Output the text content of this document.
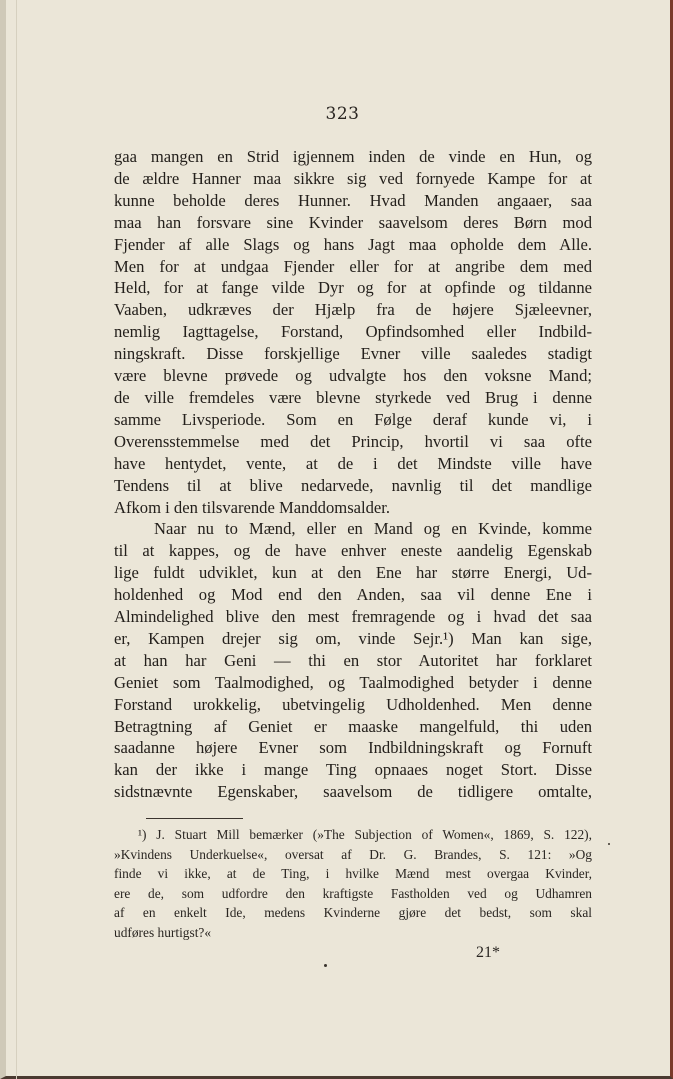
323
gaa mangen en Strid igjennem inden de vinde en Hun, og
de ældre Hanner maa sikkre sig ved fornyede Kampe for at
kunne beholde deres Hunner. Hvad Manden angaaer, saa
maa han forsvare sine Kvinder saavelsom deres Børn mod
Fjender af alle Slags og hans Jagt maa opholde dem Alle.
Men for at undgaa Fjender eller for at angribe dem med
Held, for at fange vilde Dyr og for at opfinde og tildanne
Vaaben, udkræves der Hjælp fra de højere Sjæleevner,
nemlig Iagttagelse, Forstand, Opfindsomhed eller Indbild-
ningskraft. Disse forskjellige Evner ville saaledes stadigt
være blevne prøvede og udvalgte hos den voksne Mand;
de ville fremdeles være blevne styrkede ved Brug i denne
samme Livsperiode. Som en Følge deraf kunde vi, i
Overensstemmelse med det Princip, hvortil vi saa ofte
have hentydet, vente, at de i det Mindste ville have
Tendens til at blive nedarvede, navnlig til det mandlige
Afkom i den tilsvarende Manddomsalder.
Naar nu to Mænd, eller en Mand og en Kvinde, komme
til at kappes, og de have enhver eneste aandelig Egenskab
lige fuldt udviklet, kun at den Ene har større Energi, Ud-
holdenhed og Mod end den Anden, saa vil denne Ene i
Almindelighed blive den mest fremragende og i hvad det saa
er, Kampen drejer sig om, vinde Sejr.¹) Man kan sige,
at han har Geni — thi en stor Autoritet har forklaret
Geniet som Taalmodighed, og Taalmodighed betyder i denne
Forstand urokkelig, ubetvingelig Udholdenhed. Men denne
Betragtning af Geniet er maaske mangelfuld, thi uden
saadanne højere Evner som Indbildningskraft og Fornuft
kan der ikke i mange Ting opnaaes noget Stort. Disse
sidstnævnte Egenskaber, saavelsom de tidligere omtalte,
¹) J. Stuart Mill bemærker (»The Subjection of Women«, 1869, S. 122),
»Kvindens Underkuelse«, oversat af Dr. G. Brandes, S. 121: »Og
finde vi ikke, at de Ting, i hvilke Mænd mest overgaa Kvinder,
ere de, som udfordre den kraftigste Fastholden ved og Udhamren
af en enkelt Ide, medens Kvinderne gjøre det bedst, som skal
udføres hurtigst?«
21*
